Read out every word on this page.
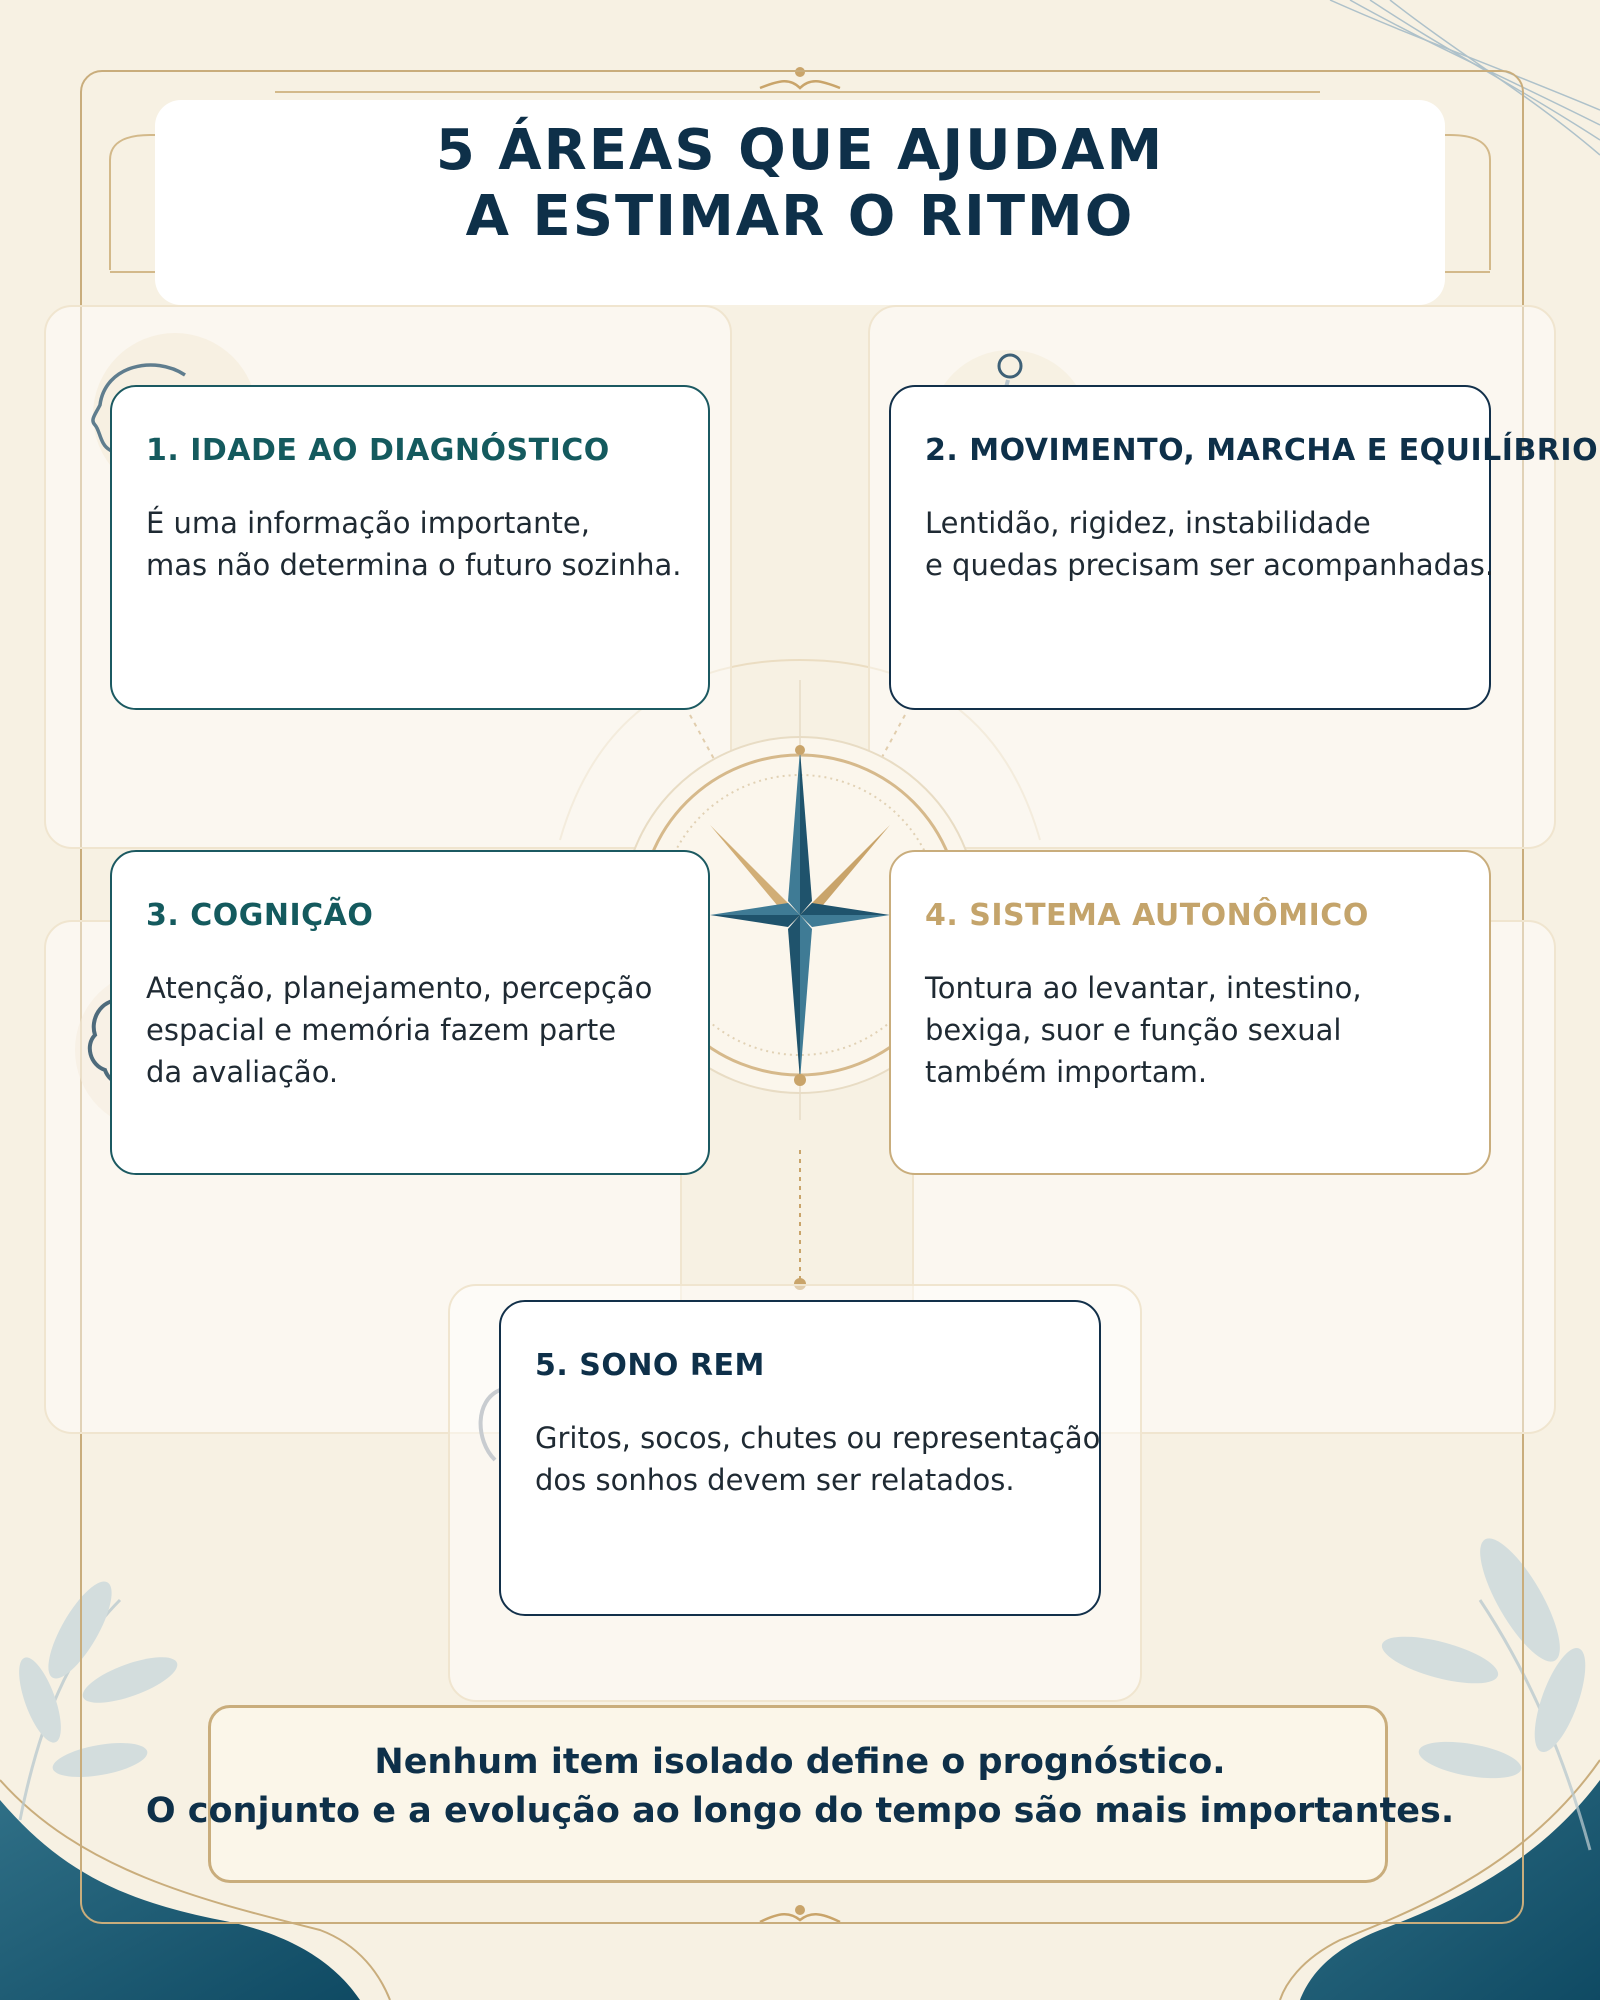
5 ÁREAS QUE AJUDAM
A ESTIMAR O RITMO
1. IDADE AO DIAGNÓSTICO

É uma informação importante,
mas não determina o futuro sozinha.

2. MOVIMENTO, MARCHA E EQUILÍBRIO

Lentidão, rigidez, instabilidade
e quedas precisam ser acompanhadas.

3. COGNIÇÃO

Atenção, planejamento, percepção
espacial e memória fazem parte
da avaliação.

4. SISTEMA AUTONÔMICO

Tontura ao levantar, intestino,
bexiga, suor e função sexual
também importam.

5. SONO REM

Gritos, socos, chutes ou representação
dos sonhos devem ser relatados.

Nenhum item isolado define o prognóstico.
O conjunto e a evolução ao longo do tempo são mais importantes.
